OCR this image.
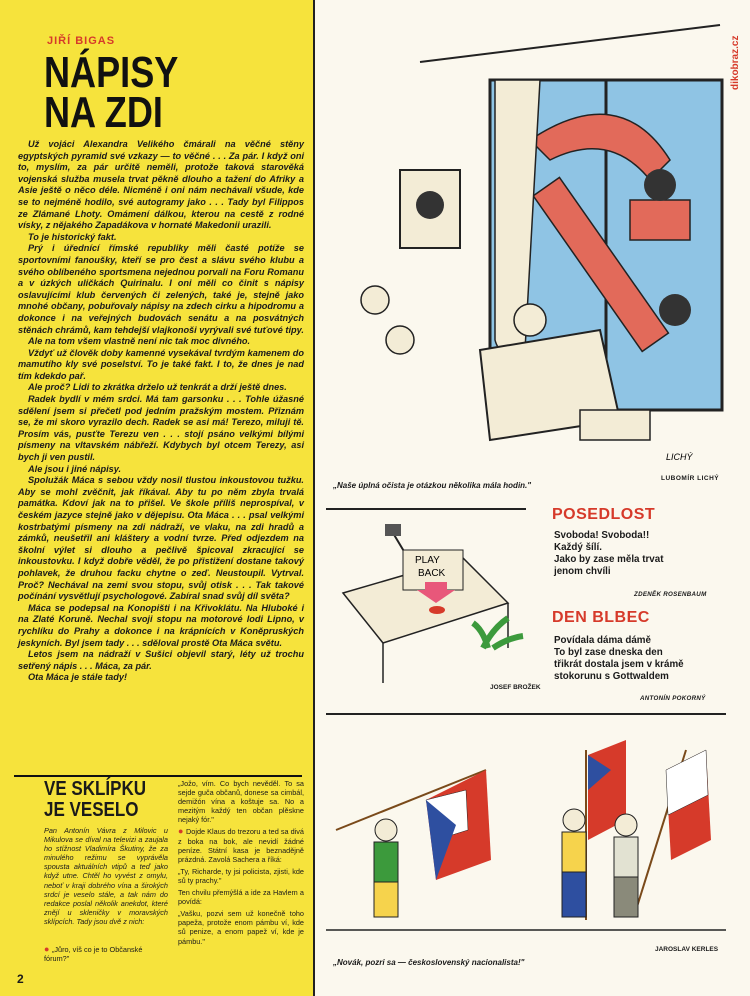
JIŘÍ BIGAS
NÁPISY
NA ZDI

Už vojáci Alexandra Velikého čmárali na věčné stěny egyptských pyramid své vzkazy — to věčné . . . Za pár. I když oni to, myslím, za pár určitě neměli, protože taková starověká vojenská služba musela trvat pěkně dlouho a tažení do Afriky a Asie ještě o něco déle. Nicméně i oni nám nechávali všude, kde se to nejméně hodilo, své autogramy jako . . . Tady byl Filippos ze Zlámané Lhoty. Omámení dálkou, kterou na cestě z rodné vísky, z nějakého Zapadákova v hornaté Makedonii urazili.

To je historický fakt.

Prý i úřednící římské republiky měli časté potíže se sportovními fanoušky, kteří se pro čest a slávu svého klubu a svého oblíbeného sportsmena nejednou porvali na Foru Romanu a v úzkých uličkách Quirinalu. I oni měli co činit s nápisy oslavujícími klub červených či zelených, také je, stejně jako mnohé občany, pobuřovaly nápisy na zdech cirku a hipodromu a dokonce i na veřejných budovách senátu a na posvátných stěnách chrámů, kam tehdejší vlajkonoši vyrývali své tuťové tipy.

Ale na tom všem vlastně není nic tak moc divného.

Vždyť už člověk doby kamenné vysekával tvrdým kamenem do mamutího kly své poselství. To je také fakt. I to, že dnes je nad tím kdekdo pař.

Ale proč? Lidi to zkrátka drželo už tenkrát a drží ještě dnes.

Radek bydlí v mém srdci. Má tam garsonku . . . Tohle úžasné sdělení jsem si přečetl pod jedním pražským mostem. Přiznám se, že mi skoro vyrazilo dech. Radek se asi má! Terezo, miluji tě. Prosím vás, pusťte Terezu ven . . . stojí psáno velkými bílými písmeny na vltavském nábřeží. Kdybych byl otcem Terezy, asi bych ji ven pustil.

Ale jsou i jiné nápisy.

Spolužák Máca s sebou vždy nosil tlustou inkoustovou tužku. Aby se mohl zvěčnit, jak říkával. Aby tu po něm zbyla trvalá památka. Kdoví jak na to přišel. Ve škole příliš neprospíval, v českém jazyce stejně jako v dějepisu. Ota Máca . . . psal velkými kostrbatými písmeny na zdi nádraží, ve vlaku, na zdi hradů a zámků, neušetřil ani kláštery a vodní tvrze. Před odjezdem na školní výlet si dlouho a pečlivě špicoval zkracující se inkoustovku. I když dobře věděl, že po přistižení dostane takový pohlavek, že druhou facku chytne o zeď. Neustoupil. Vytrval. Proč? Nechával na zemi svou stopu, svůj otisk . . . Tak takové počínání vysvětlují psychologové. Zabíral snad svůj díl světa?

Máca se podepsal na Konopišti i na Křivoklátu. Na Hluboké i na Zlaté Koruně. Nechal svoji stopu na motorové lodi Lipno, v rychlíku do Prahy a dokonce i na krápnících v Koněpruských jeskyních. Byl jsem tady . . . sděloval prostě Ota Máca světu.

Letos jsem na nádraží v Sušici objevil starý, léty už trochu setřený nápis . . . Máca, za pár.

Ota Máca je stále tady!

VE SKLÍPKU
JE VESELO
Pan Antonín Vávra z Milovic u Mikulova se díval na televizi a zaujala ho stížnost Vladimíra Škutiny, že za minulého režimu se vyprávěla spousta aktuálních vtipů a teď jako když utne. Chtěl ho vyvést z omylu, neboť v kraji dobrého vína a širokých srdcí je veselo stále, a tak nám do redakce poslal několik anekdot, které znějí u skleničky v moravských sklípcích. Tady jsou dvě z nich:
● „Jůro, víš co je to Občanské fórum?"

„Jožo, vím. Co bych nevěděl. To sa sejde guča občanů, donese sa cimbál, demižón vína a koštuje sa. No a mezitým každý ten občan plěskne nejaký fór."

● Dojde Klaus do trezoru a ted sa divá z boka na bok, ale nevidí žádné peníze. Státní kasa je beznadějně prázdná. Zavolá Sachera a říká:

„Ty, Richarde, ty jsi policista, zjisti, kde sů ty prachy."

Ten chvilu přemýšlá a ide za Havlem a povídá:

„Vašku, pozvi sem už konečně toho papeža, protože enom pámbu ví, kde sů penize, a enom papež ví, kde je pámbu."

2
dikobraz.cz
LICHÝ
„Naše úplná očista je otázkou několika mála hodin."
LUBOMÍR LICHÝ
PLAY
BACK
JOSEF BROŽEK
POSEDLOST
Svoboda! Svoboda!!
Každý šílí.
Jako by zase měla trvat
jenom chvíli
ZDENĚK ROSENBAUM
DEN BLBEC
Povídala dáma dámě
To byl zase dneska den
třikrát dostala jsem v krámě
stokorunu s Gottwaldem
ANTONÍN POKORNÝ
„Novák, pozri sa — československý nacionalista!"
JAROSLAV KERLES
